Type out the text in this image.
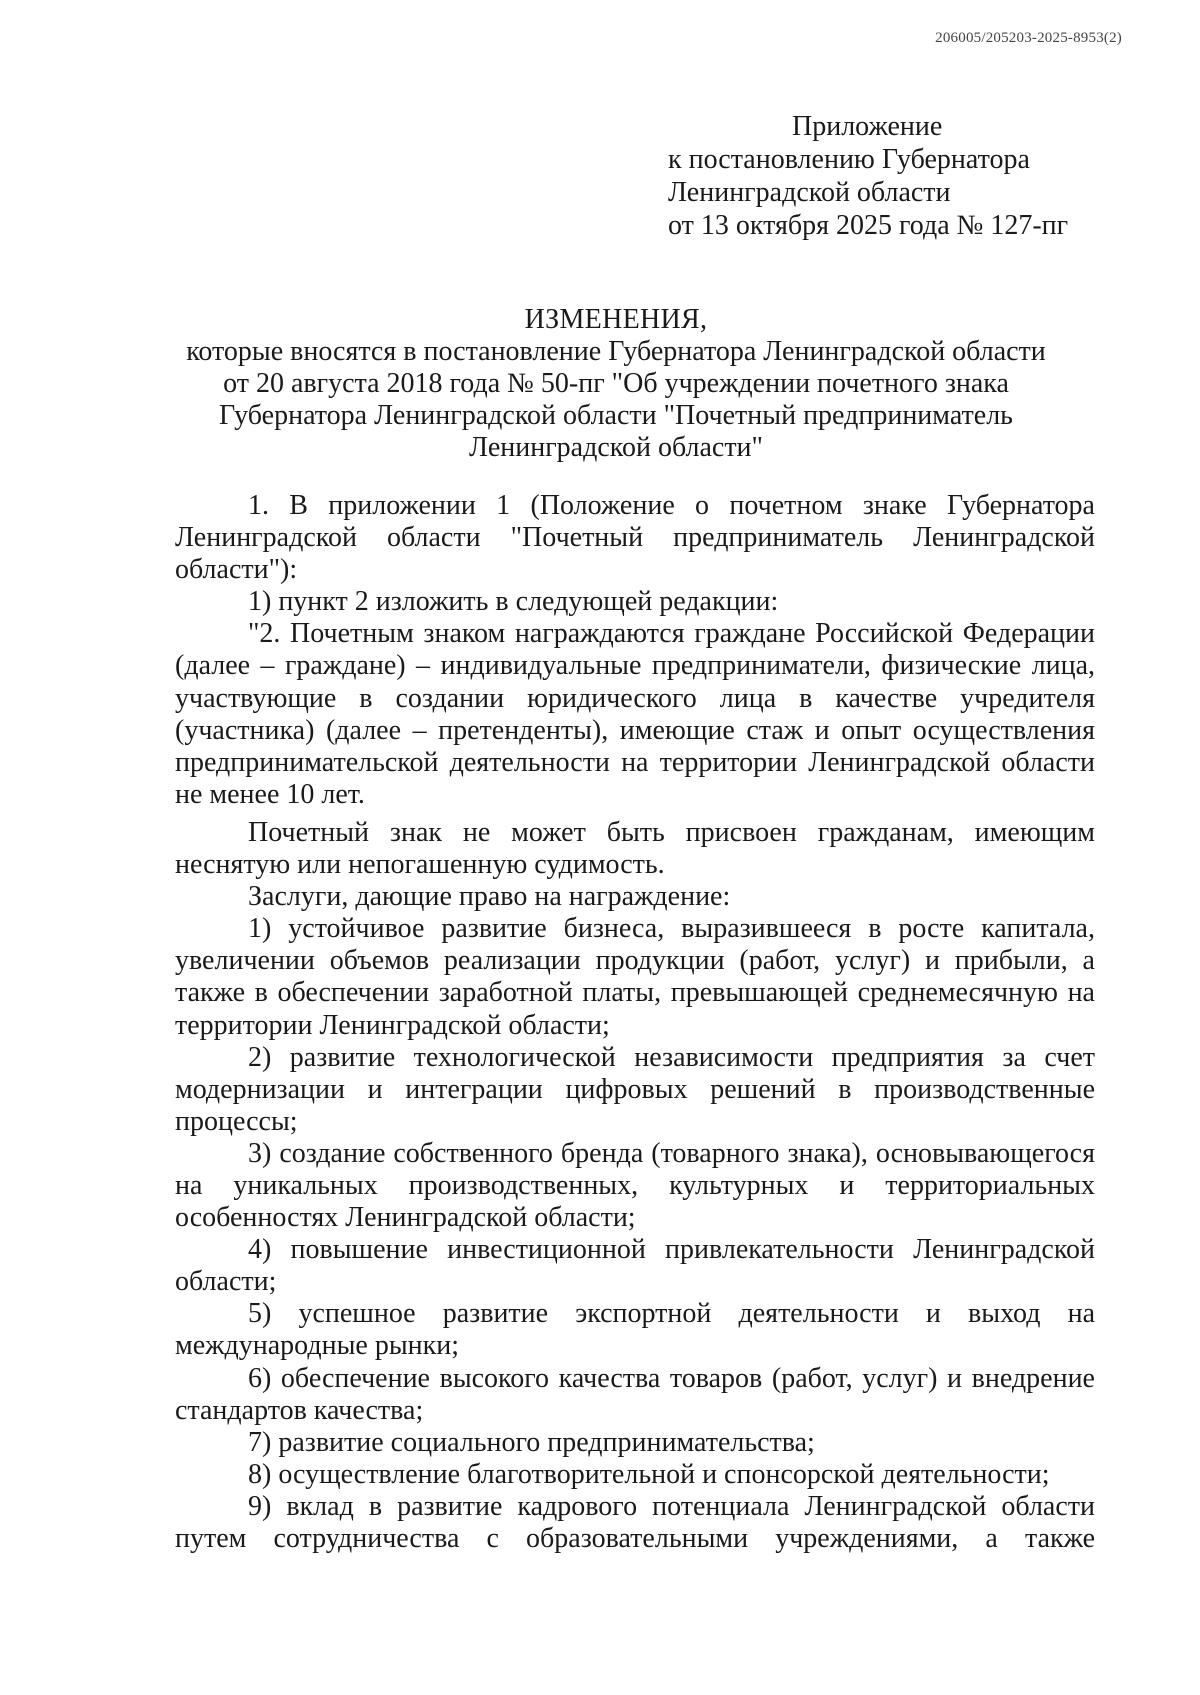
206005/205203-2025-8953(2)
Приложение
к постановлению Губернатора
Ленинградской области
от 13 октября 2025 года № 127-пг
ИЗМЕНЕНИЯ,
которые вносятся в постановление Губернатора Ленинградской области
от 20 августа 2018 года № 50-пг "Об учреждении почетного знака
Губернатора Ленинградской области "Почетный предприниматель
Ленинградской области"

1. В приложении 1 (Положение о почетном знаке Губернатора Ленинградской области "Почетный предприниматель Ленинградской области"):

1) пункт 2 изложить в следующей редакции:

"2. Почетным знаком награждаются граждане Российской Федерации (далее – граждане) – индивидуальные предприниматели, физические лица, участвующие в создании юридического лица в качестве учредителя (участника) (далее – претенденты), имеющие стаж и опыт осуществления предпринимательской деятельности на территории Ленинградской области не менее 10 лет.

Почетный знак не может быть присвоен гражданам, имеющим неснятую или непогашенную судимость.

Заслуги, дающие право на награждение:

1) устойчивое развитие бизнеса, выразившееся в росте капитала, увеличении объемов реализации продукции (работ, услуг) и прибыли, а также в обеспечении заработной платы, превышающей среднемесячную на территории Ленинградской области;

2) развитие технологической независимости предприятия за счет модернизации и интеграции цифровых решений в производственные процессы;

3) создание собственного бренда (товарного знака), основывающегося на уникальных производственных, культурных и территориальных особенностях Ленинградской области;

4) повышение инвестиционной привлекательности Ленинградской области;

5) успешное развитие экспортной деятельности и выход на международные рынки;

6) обеспечение высокого качества товаров (работ, услуг) и внедрение стандартов качества;

7) развитие социального предпринимательства;

8) осуществление благотворительной и спонсорской деятельности;

9) вклад в развитие кадрового потенциала Ленинградской области путем сотрудничества с образовательными учреждениями, а также
